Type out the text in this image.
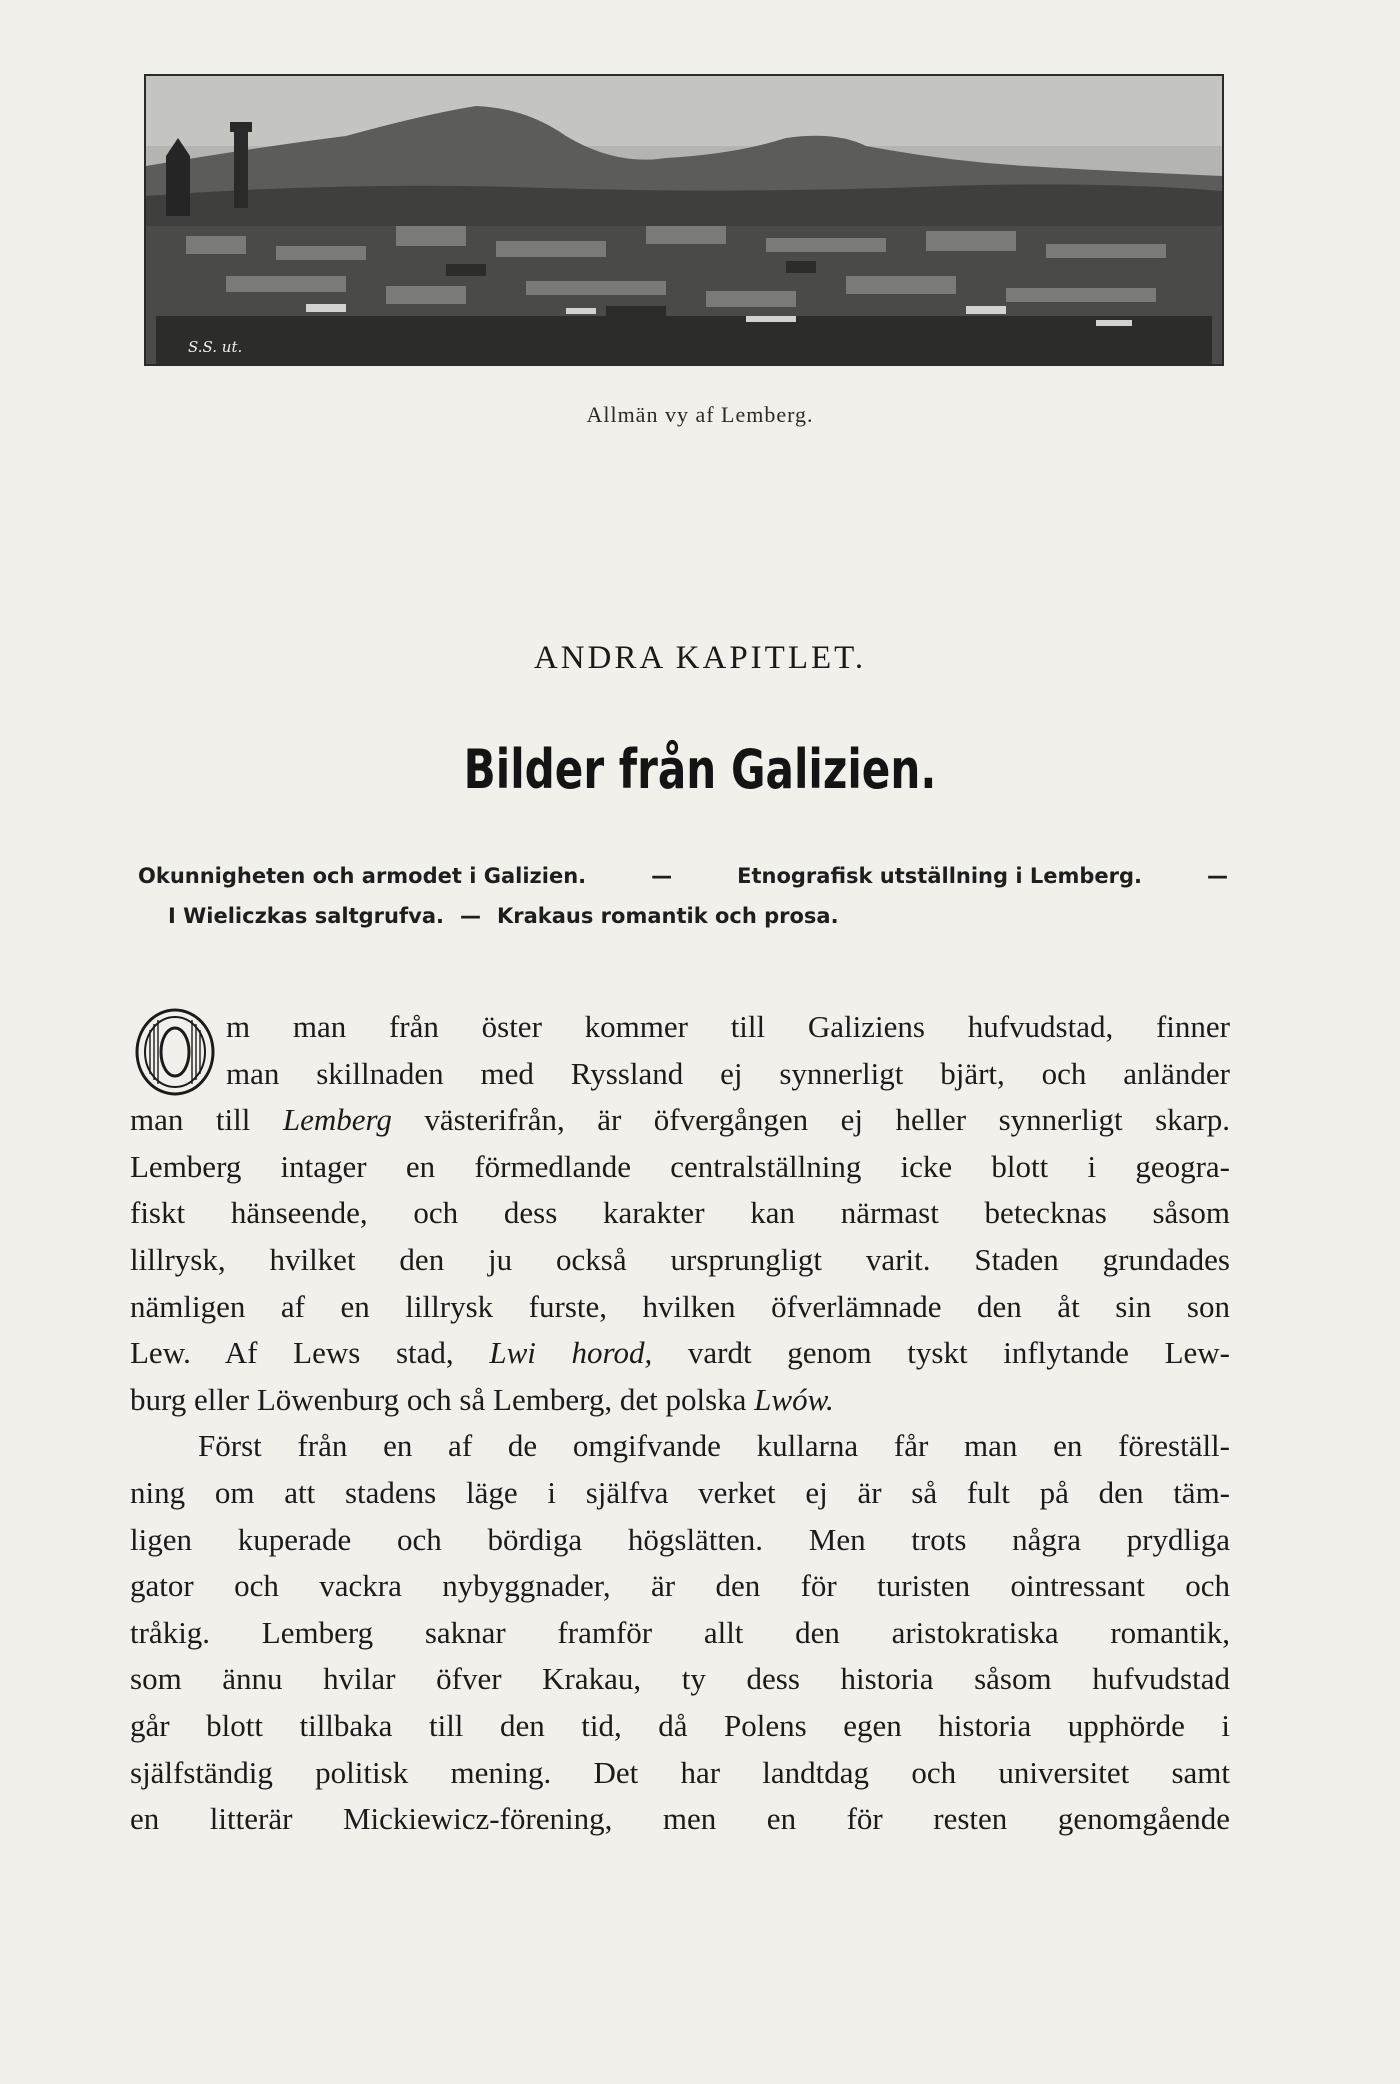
S.S. ut.
Allmän vy af Lemberg.
ANDRA KAPITLET.
Bilder från Galizien.
Okunnigheten och armodet i Galizien.	—	Etnografisk utställning i Lemberg.	—
I Wieliczkas saltgrufva. — Krakaus romantik och prosa.
m man från öster kommer till Galiziens hufvudstad, finner
man skillnaden med Ryssland ej synnerligt bjärt, och anländer
man till Lemberg västerifrån, är öfvergången ej heller synnerligt skarp.
Lemberg intager en förmedlande centralställning icke blott i geogra-
fiskt hänseende, och dess karakter kan närmast betecknas såsom
lillrysk, hvilket den ju också ursprungligt varit. Staden grundades
nämligen af en lillrysk furste, hvilken öfverlämnade den åt sin son
Lew. Af Lews stad, Lwi horod, vardt genom tyskt inflytande Lew-
burg eller Löwenburg och så Lemberg, det polska Lwów.
Först från en af de omgifvande kullarna får man en föreställ-
ning om att stadens läge i själfva verket ej är så fult på den täm-
ligen kuperade och bördiga högslätten. Men trots några prydliga
gator och vackra nybyggnader, är den för turisten ointressant och
tråkig. Lemberg saknar framför allt den aristokratiska romantik,
som ännu hvilar öfver Krakau, ty dess historia såsom hufvudstad
går blott tillbaka till den tid, då Polens egen historia upphörde i
själfständig politisk mening. Det har landtdag och universitet samt
en litterär Mickiewicz-förening, men en för resten genomgående
